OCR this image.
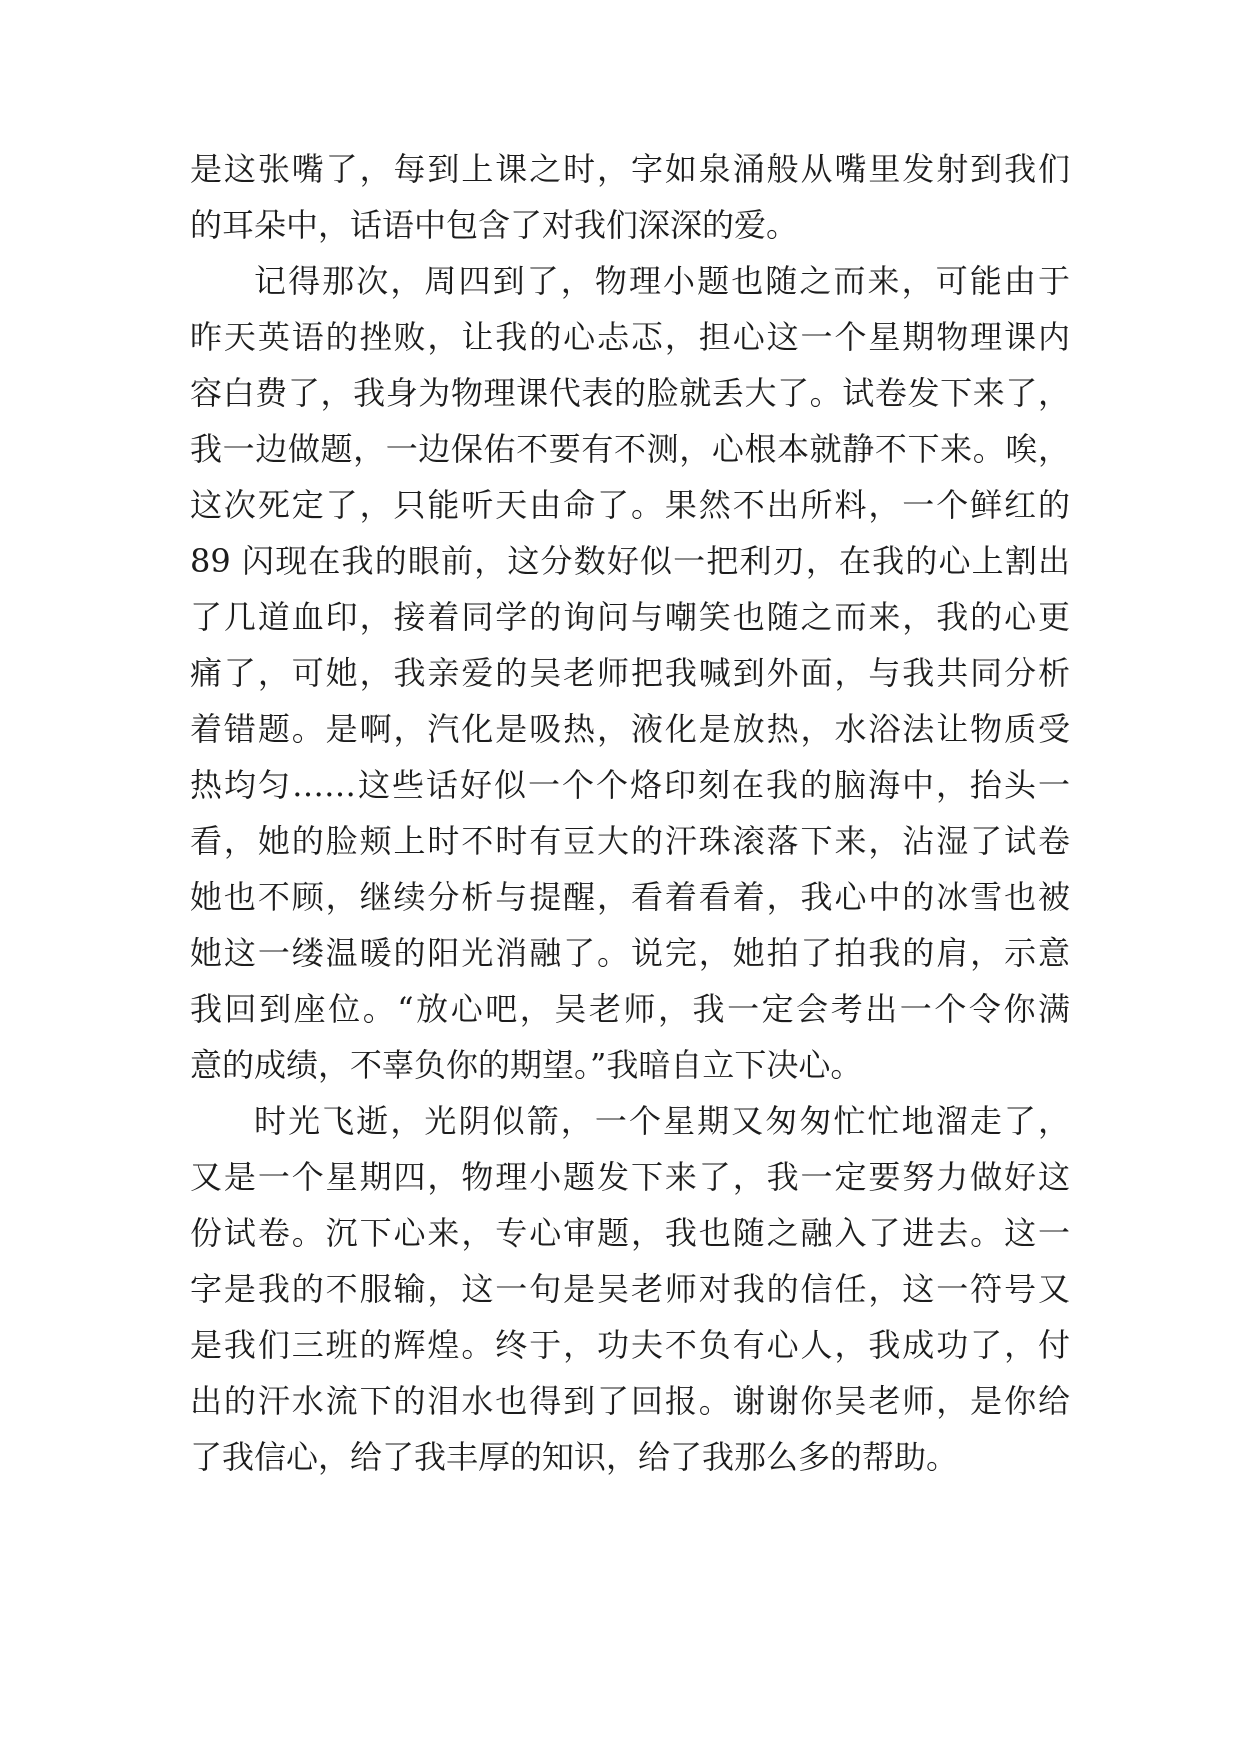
是这张嘴了，每到上课之时，字如泉涌般从嘴里发射到我们
的耳朵中，话语中包含了对我们深深的爱。
记得那次，周四到了，物理小题也随之而来，可能由于
昨天英语的挫败，让我的心忐忑，担心这一个星期物理课内
容白费了，我身为物理课代表的脸就丢大了。试卷发下来了，
我一边做题，一边保佑不要有不测，心根本就静不下来。唉，
这次死定了，只能听天由命了。果然不出所料，一个鲜红的
89 闪现在我的眼前，这分数好似一把利刃，在我的心上割出
了几道血印，接着同学的询问与嘲笑也随之而来，我的心更
痛了，可她，我亲爱的吴老师把我喊到外面，与我共同分析
着错题。是啊，汽化是吸热，液化是放热，水浴法让物质受
热均匀……这些话好似一个个烙印刻在我的脑海中，抬头一
看，她的脸颊上时不时有豆大的汗珠滚落下来，沾湿了试卷
她也不顾，继续分析与提醒，看着看着，我心中的冰雪也被
她这一缕温暖的阳光消融了。说完，她拍了拍我的肩，示意
我回到座位。“放心吧，吴老师，我一定会考出一个令你满
意的成绩，不辜负你的期望。”我暗自立下决心。
时光飞逝，光阴似箭，一个星期又匆匆忙忙地溜走了，
又是一个星期四，物理小题发下来了，我一定要努力做好这
份试卷。沉下心来，专心审题，我也随之融入了进去。这一
字是我的不服输，这一句是吴老师对我的信任，这一符号又
是我们三班的辉煌。终于，功夫不负有心人，我成功了，付
出的汗水流下的泪水也得到了回报。谢谢你吴老师，是你给
了我信心，给了我丰厚的知识，给了我那么多的帮助。
